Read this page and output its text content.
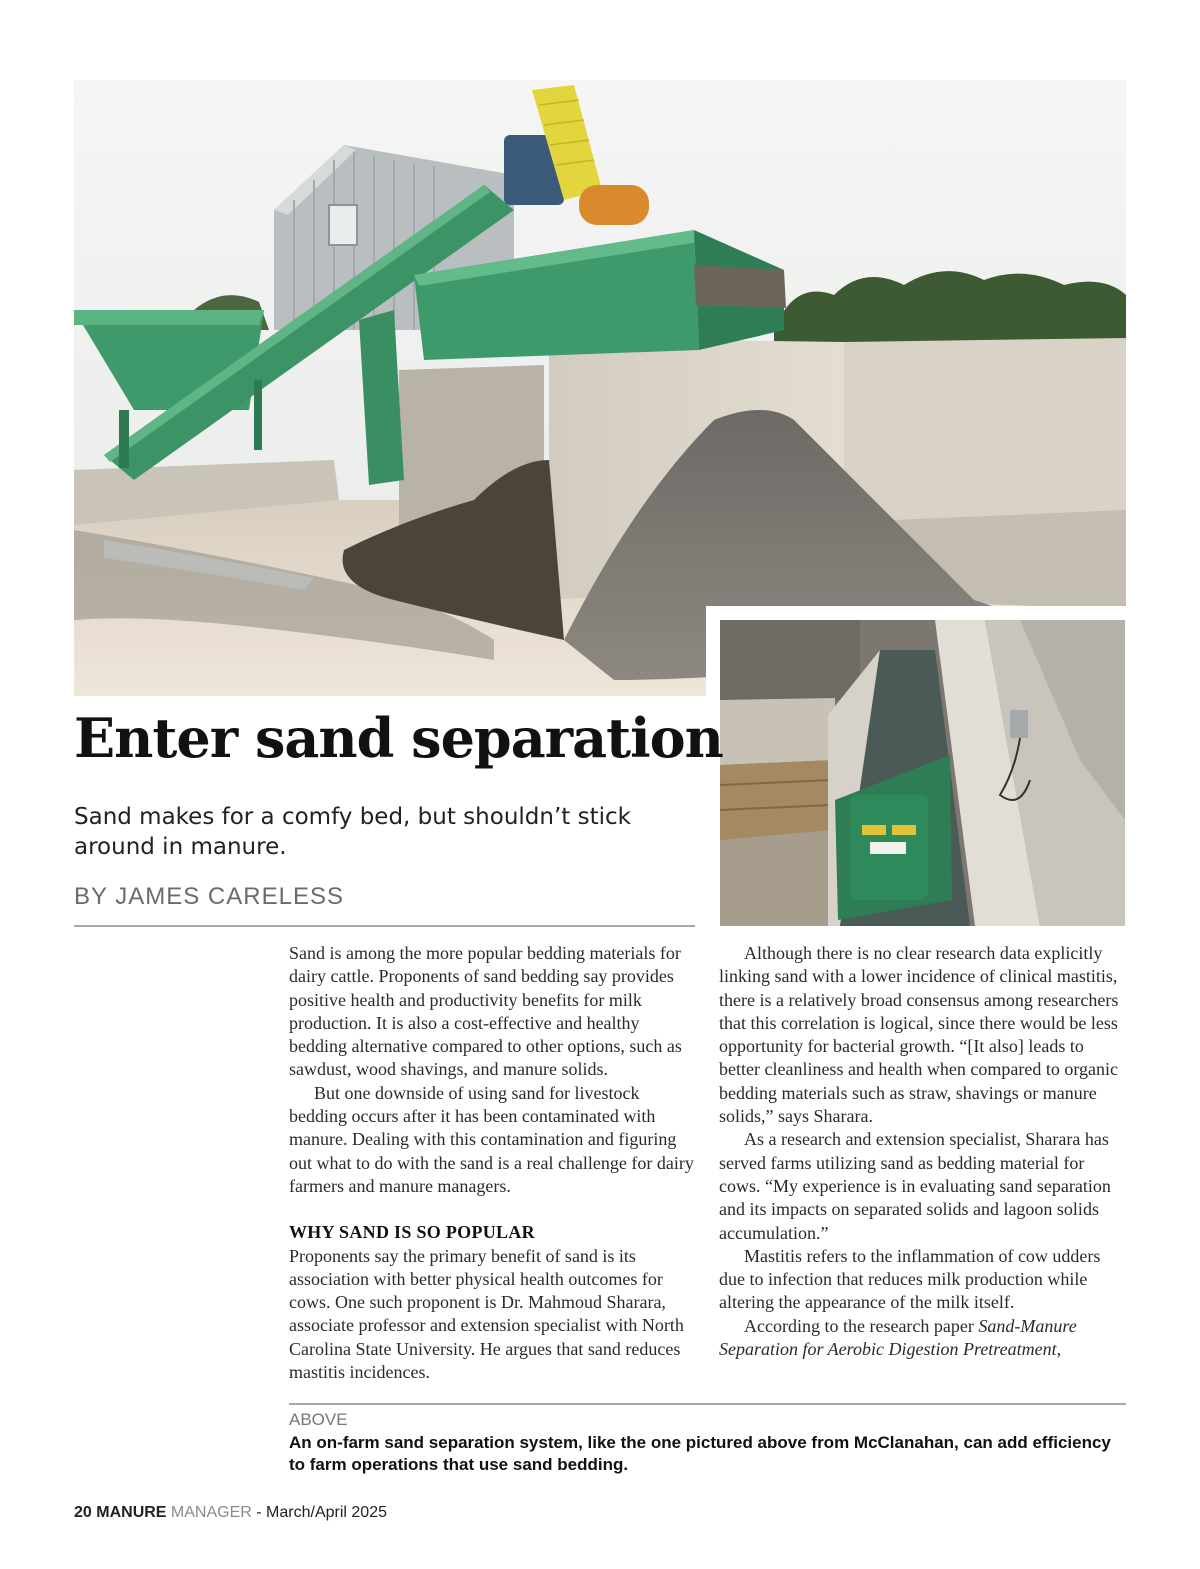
Enter sand separation

Sand makes for a comfy bed, but shouldn’t stick around in manure.

BY JAMES CARELESS

Sand is among the more popular bedding materials for dairy cattle. Proponents of sand bedding say provides positive health and productivity benefits for milk production. It is also a cost-effective and healthy bedding alternative compared to other options, such as sawdust, wood shavings, and manure solids.

But one downside of using sand for livestock bedding occurs after it has been contaminated with manure. Dealing with this contamination and figuring out what to do with the sand is a real challenge for dairy farmers and manure managers.

WHY SAND IS SO POPULAR

Proponents say the primary benefit of sand is its association with better physical health outcomes for cows. One such proponent is Dr. Mahmoud Sharara, associate professor and extension specialist with North Carolina State University. He argues that sand reduces mastitis incidences.

Although there is no clear research data explicitly linking sand with a lower incidence of clinical mastitis, there is a relatively broad consensus among researchers that this correlation is logical, since there would be less opportunity for bacterial growth. “[It also] leads to better cleanliness and health when compared to organic bedding materials such as straw, shavings or manure solids,” says Sharara.

As a research and extension specialist, Sharara has served farms utilizing sand as bedding material for cows. “My experience is in evaluating sand separation and its impacts on separated solids and lagoon solids accumulation.”

Mastitis refers to the inflammation of cow udders due to infection that reduces milk production while altering the appearance of the milk itself.

According to the research paper Sand-Manure Separation for Aerobic Digestion Pretreatment,

ABOVE

An on-farm sand separation system, like the one pictured above from McClanahan, can add efficiency to farm operations that use sand bedding.

20 MANURE MANAGER - March/April 2025
